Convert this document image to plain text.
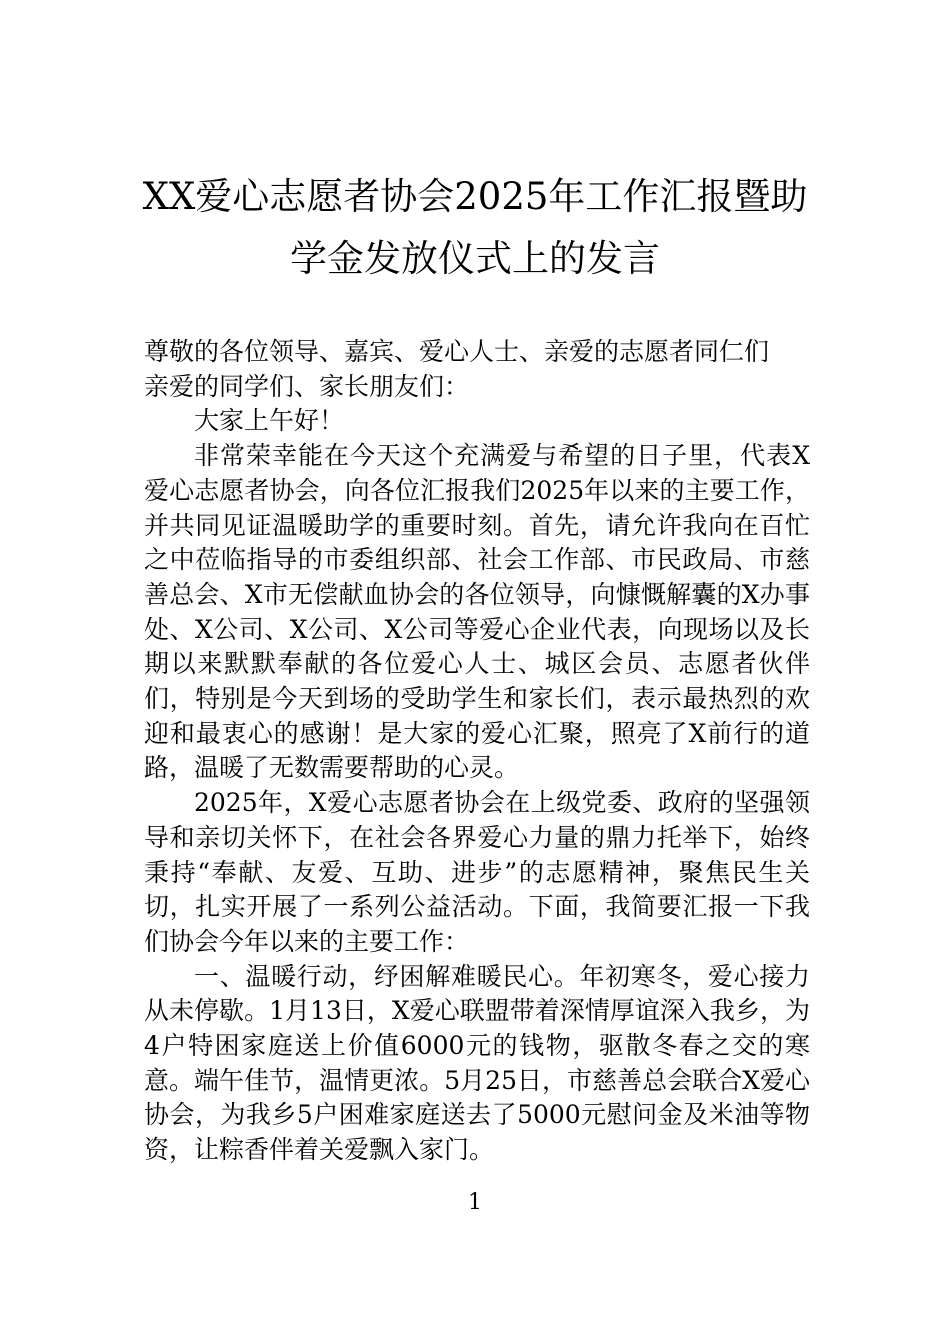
XX爱心志愿者协会2025年工作汇报暨助
学金发放仪式上的发言

尊敬的各位领导、嘉宾、爱心人士、亲爱的志愿者同仁们

亲爱的同学们、家长朋友们：

大家上午好！

非常荣幸能在今天这个充满爱与希望的日子里，代表X爱心志愿者协会，向各位汇报我们2025年以来的主要工作，并共同见证温暖助学的重要时刻。首先，请允许我向在百忙之中莅临指导的市委组织部、社会工作部、市民政局、市慈善总会、X市无偿献血协会的各位领导，向慷慨解囊的X办事处、X公司、X公司、X公司等爱心企业代表，向现场以及长期以来默默奉献的各位爱心人士、城区会员、志愿者伙伴们，特别是今天到场的受助学生和家长们，表示最热烈的欢迎和最衷心的感谢！是大家的爱心汇聚，照亮了X前行的道路，温暖了无数需要帮助的心灵。

2025年，X爱心志愿者协会在上级党委、政府的坚强领导和亲切关怀下，在社会各界爱心力量的鼎力托举下，始终秉持“奉献、友爱、互助、进步”的志愿精神，聚焦民生关切，扎实开展了一系列公益活动。下面，我简要汇报一下我们协会今年以来的主要工作：

一、温暖行动，纾困解难暖民心。年初寒冬，爱心接力从未停歇。1月13日，X爱心联盟带着深情厚谊深入我乡，为4户特困家庭送上价值6000元的钱物，驱散冬春之交的寒意。端午佳节，温情更浓。5月25日，市慈善总会联合X爱心协会，为我乡5户困难家庭送去了5000元慰问金及米油等物资，让粽香伴着关爱飘入家门。

1
